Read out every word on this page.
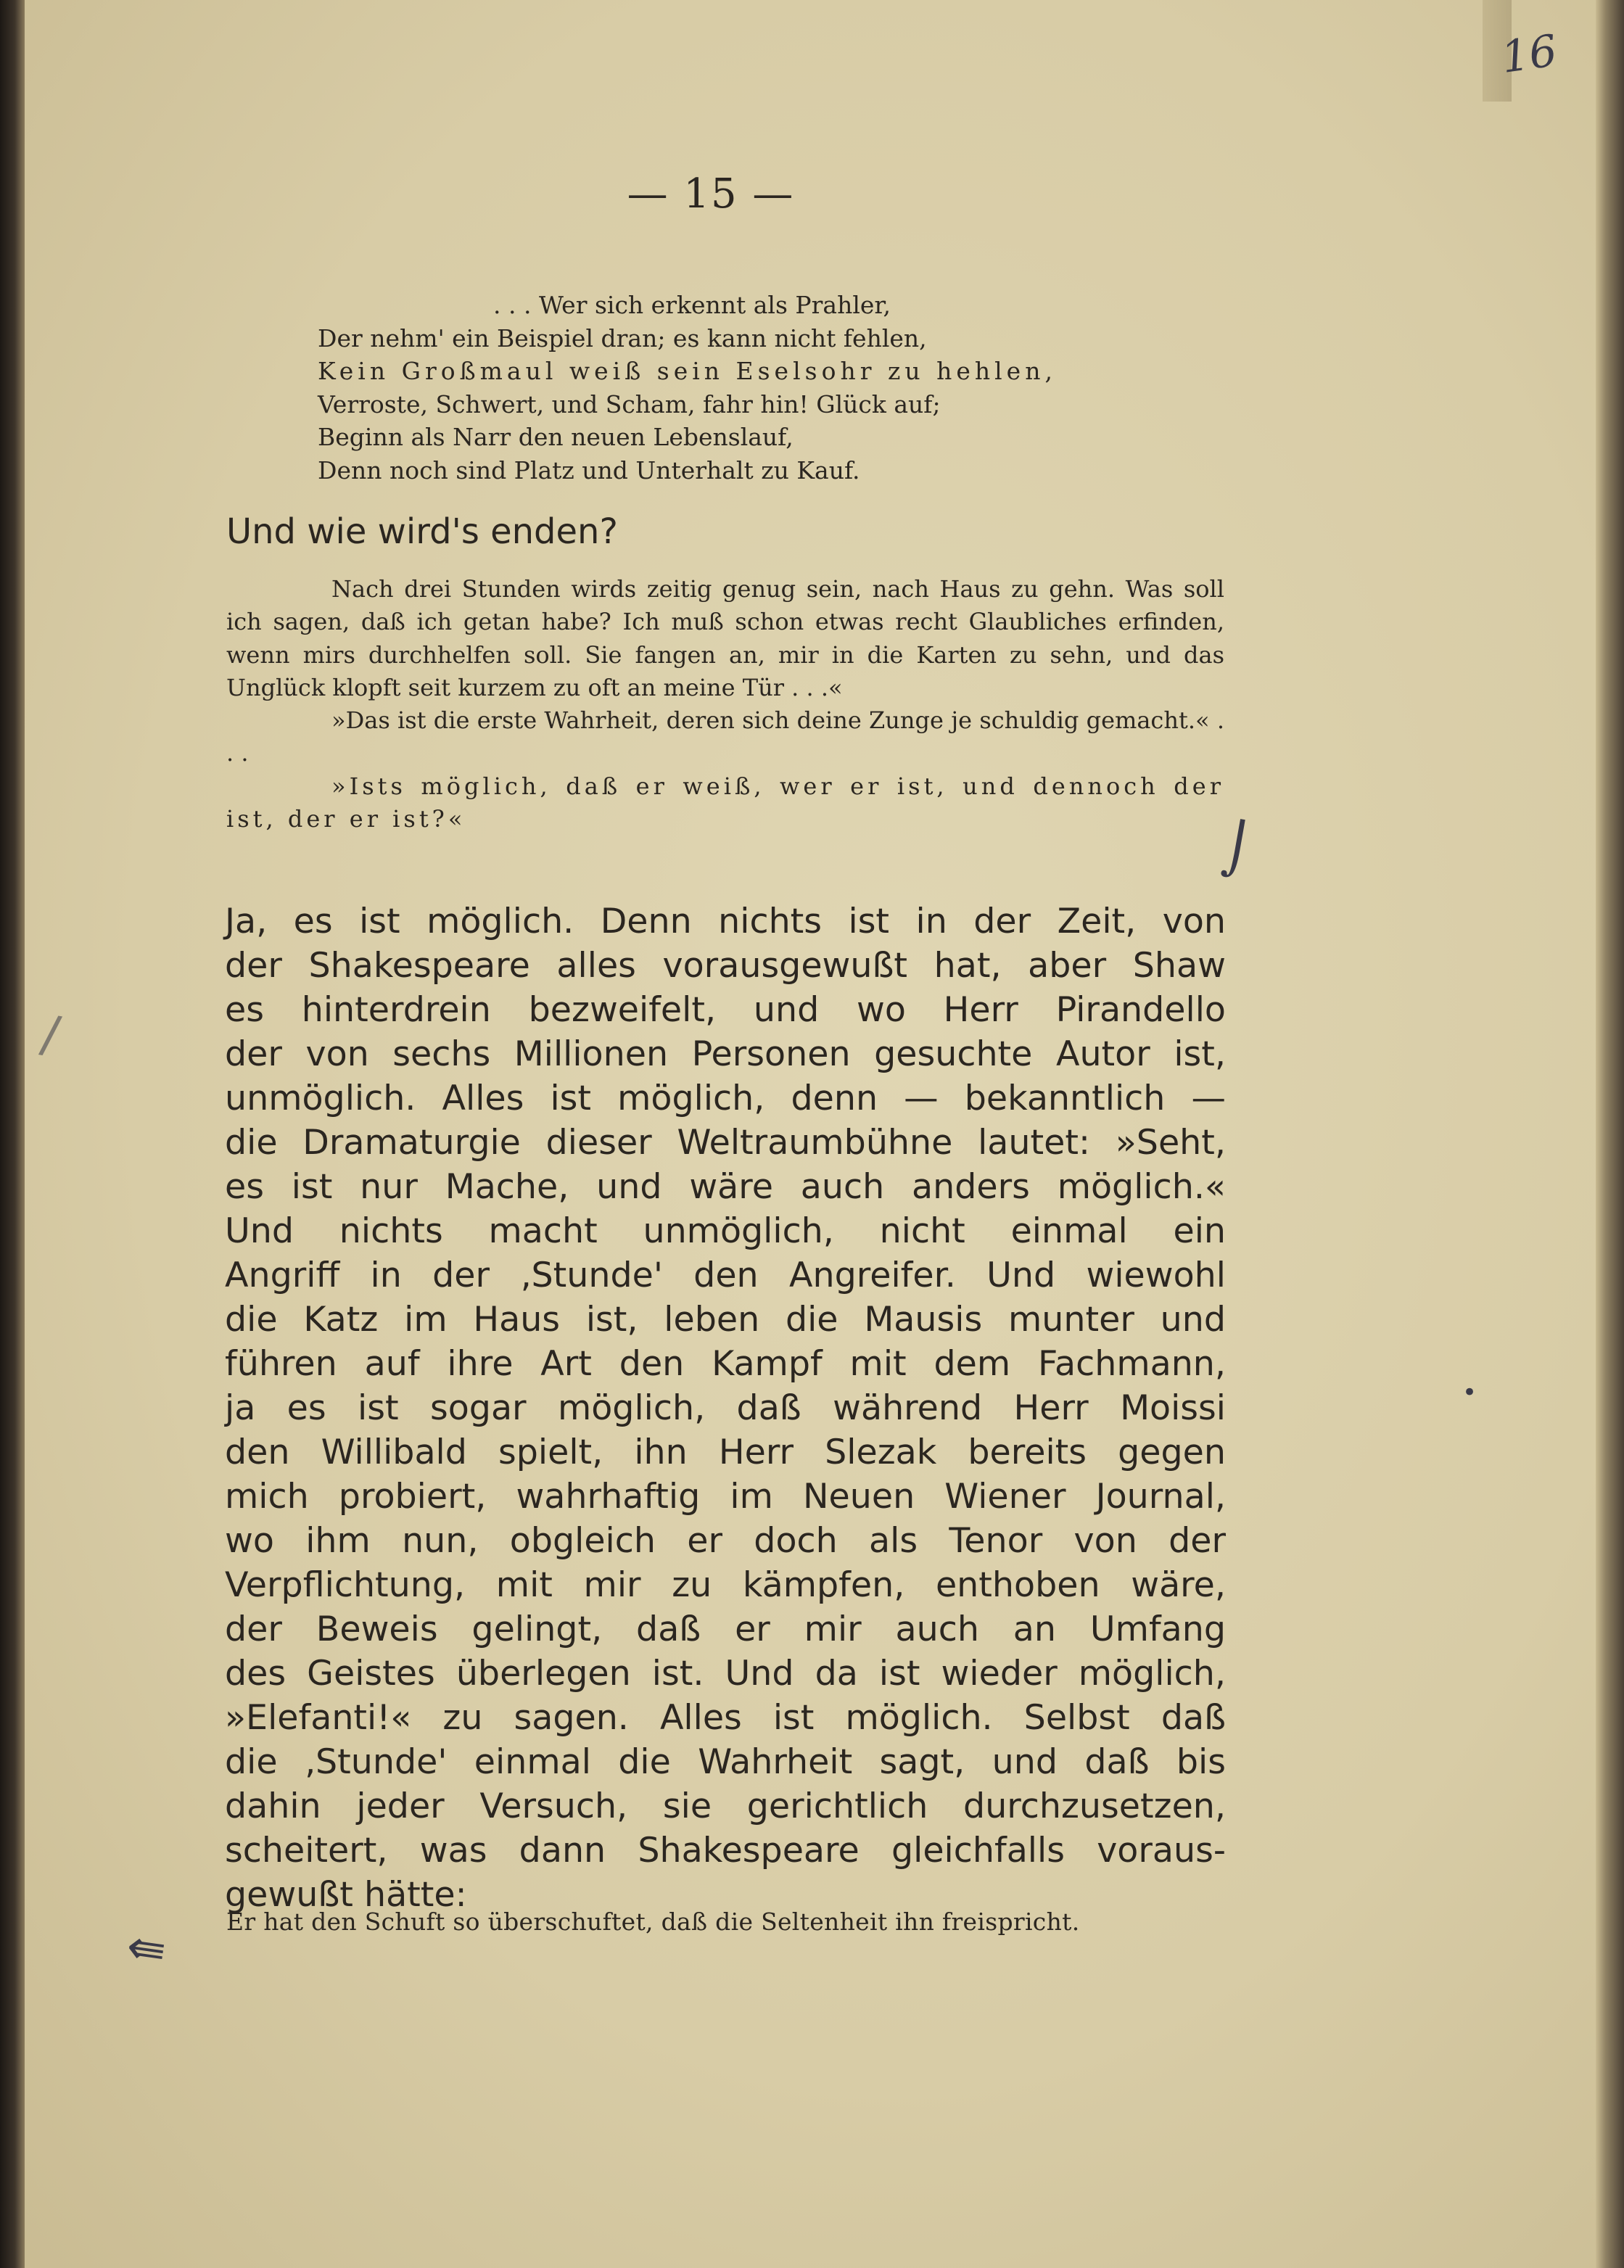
16
— 15 —
. . . Wer sich erkennt als Prahler,
Der nehm' ein Beispiel dran; es kann nicht fehlen,
Kein Großmaul weiß sein Eselsohr zu hehlen,
Verroste, Schwert, und Scham, fahr hin! Glück auf;
Beginn als Narr den neuen Lebenslauf,
Denn noch sind Platz und Unterhalt zu Kauf.
Und wie wird's enden?

Nach drei Stunden wirds zeitig genug sein, nach Haus zu gehn. Was soll ich sagen, daß ich getan habe? Ich muß schon etwas recht Glaubliches erfinden, wenn mirs durchhelfen soll. Sie fangen an, mir in die Karten zu sehn, und das Unglück klopft seit kurzem zu oft an meine Tür . . .«

»Das ist die erste Wahrheit, deren sich deine Zunge je schuldig gemacht.« . . .

»Ists möglich, daß er weiß, wer er ist, und dennoch der ist, der er ist?«

Ja, es ist möglich. Denn nichts ist in der Zeit, von
der Shakespeare alles vorausgewußt hat, aber Shaw
es hinterdrein bezweifelt, und wo Herr Pirandello
der von sechs Millionen Personen gesuchte Autor ist,
unmöglich. Alles ist möglich, denn — bekanntlich —
die Dramaturgie dieser Weltraumbühne lautet: »Seht,
es ist nur Mache, und wäre auch anders möglich.«
Und nichts macht unmöglich, nicht einmal ein
Angriff in der ‚Stunde' den Angreifer. Und wiewohl
die Katz im Haus ist, leben die Mausis munter und
führen auf ihre Art den Kampf mit dem Fachmann,
ja es ist sogar möglich, daß während Herr Moissi
den Willibald spielt, ihn Herr Slezak bereits gegen
mich probiert, wahrhaftig im Neuen Wiener Journal,
wo ihm nun, obgleich er doch als Tenor von der
Verpflichtung, mit mir zu kämpfen, enthoben wäre,
der Beweis gelingt, daß er mir auch an Umfang
des Geistes überlegen ist. Und da ist wieder möglich,
»Elefanti!« zu sagen. Alles ist möglich. Selbst daß
die ‚Stunde' einmal die Wahrheit sagt, und daß bis
dahin jeder Versuch, sie gerichtlich durchzusetzen,
scheitert, was dann Shakespeare gleichfalls voraus-
gewußt hätte:
Er hat den Schuft so überschuftet, daß die Seltenheit ihn freispricht.
⇚
/
⌡
•
